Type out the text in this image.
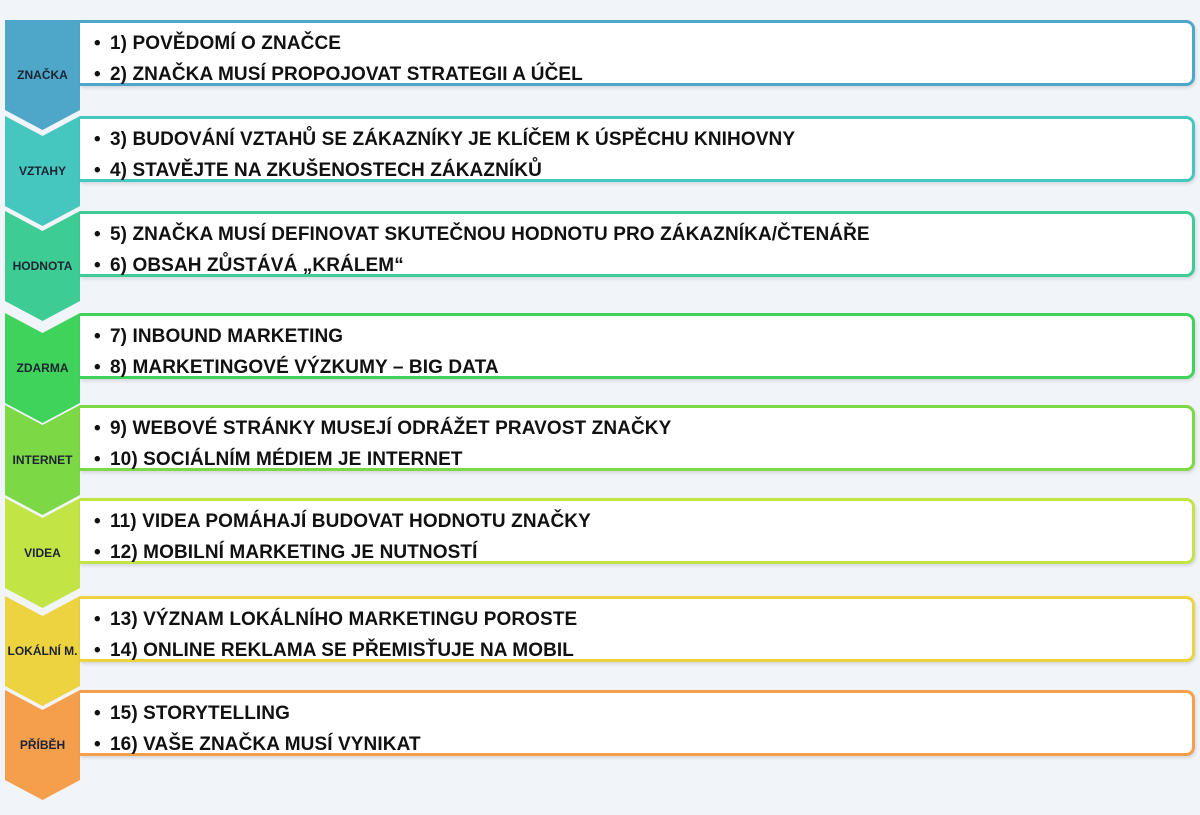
ZNAČKA
VZTAHY
HODNOTA
ZDARMA
INTERNET
VIDEA
LOKÁLNÍ M.
PŘÍBĚH
• 1) POVĚDOMÍ O ZNAČCE
• 2) ZNAČKA MUSÍ PROPOJOVAT STRATEGII A ÚČEL
• 3) BUDOVÁNÍ VZTAHŮ SE ZÁKAZNÍKY JE KLÍČEM K ÚSPĚCHU KNIHOVNY
• 4) STAVĚJTE NA ZKUŠENOSTECH ZÁKAZNÍKŮ
• 5) ZNAČKA MUSÍ DEFINOVAT SKUTEČNOU HODNOTU PRO ZÁKAZNÍKA/ČTENÁŘE
• 6) OBSAH ZŮSTÁVÁ „KRÁLEM“
• 7) INBOUND MARKETING
• 8) MARKETINGOVÉ VÝZKUMY – BIG DATA
• 9) WEBOVÉ STRÁNKY MUSEJÍ ODRÁŽET PRAVOST ZNAČKY
• 10) SOCIÁLNÍM MÉDIEM JE INTERNET
• 11) VIDEA POMÁHAJÍ BUDOVAT HODNOTU ZNAČKY
• 12) MOBILNÍ MARKETING JE NUTNOSTÍ
• 13) VÝZNAM LOKÁLNÍHO MARKETINGU POROSTE
• 14) ONLINE REKLAMA SE PŘEMISŤUJE NA MOBIL
• 15) STORYTELLING
• 16) VAŠE ZNAČKA MUSÍ VYNIKAT
